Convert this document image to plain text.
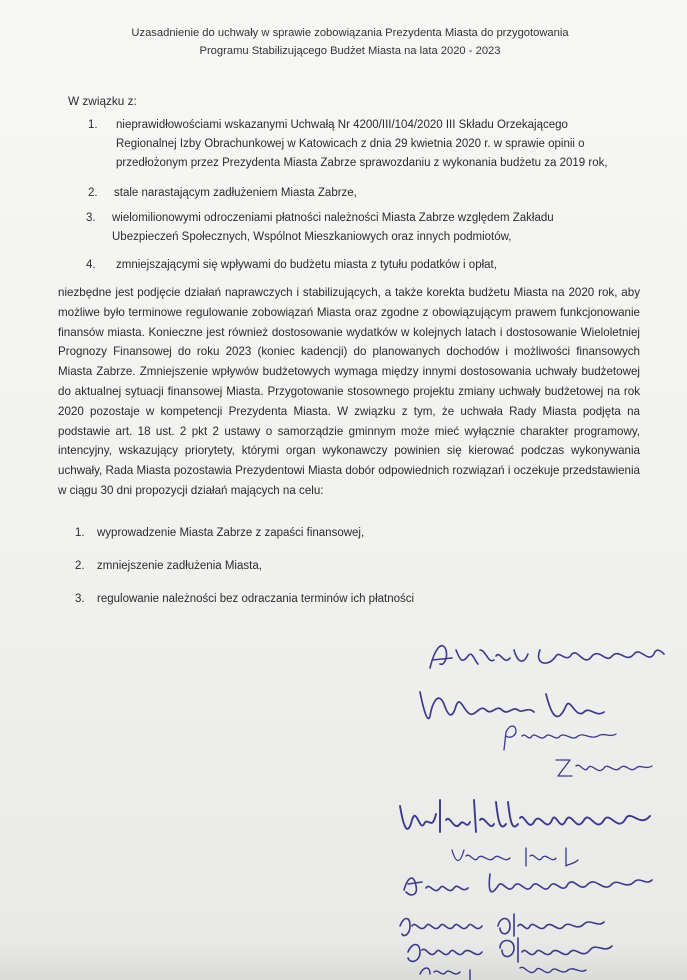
Uzasadnienie do uchwały w sprawie zobowiązania Prezydenta Miasta do przygotowania
Programu Stabilizującego Budżet Miasta na lata 2020 - 2023
W związku z:
1.	nieprawidłowościami wskazanymi Uchwałą Nr 4200/III/104/2020 III Składu Orzekającego Regionalnej Izby Obrachunkowej w Katowicach z dnia 29 kwietnia 2020 r. w sprawie opinii o przedłożonym przez Prezydenta Miasta Zabrze sprawozdaniu z wykonania budżetu za 2019 rok,
2.	stale narastającym zadłużeniem Miasta Zabrze,
3.	wielomilionowymi odroczeniami płatności należności Miasta Zabrze względem Zakładu Ubezpieczeń Społecznych, Wspólnot Mieszkaniowych oraz innych podmiotów,
4.	zmniejszającymi się wpływami do budżetu miasta z tytułu podatków i opłat,
niezbędne jest podjęcie działań naprawczych i stabilizujących, a także korekta budżetu Miasta na 2020 rok, aby możliwe było terminowe regulowanie zobowiązań Miasta oraz zgodne z obowiązującym prawem funkcjonowanie finansów miasta. Konieczne jest również dostosowanie wydatków w kolejnych latach i dostosowanie Wieloletniej Prognozy Finansowej do roku 2023 (koniec kadencji) do planowanych dochodów i możliwości finansowych Miasta Zabrze. Zmniejszenie wpływów budżetowych wymaga między innymi dostosowania uchwały budżetowej do aktualnej sytuacji finansowej Miasta. Przygotowanie stosownego projektu zmiany uchwały budżetowej na rok 2020 pozostaje w kompetencji Prezydenta Miasta. W związku z tym, że uchwała Rady Miasta podjęta na podstawie art. 18 ust. 2 pkt 2 ustawy o samorządzie gminnym może mieć wyłącznie charakter programowy, intencyjny, wskazujący priorytety, którymi organ wykonawczy powinien się kierować podczas wykonywania uchwały, Rada Miasta pozostawia Prezydentowi Miasta dobór odpowiednich rozwiązań i oczekuje przedstawienia w ciągu 30 dni propozycji działań mających na celu:
1.	wyprowadzenie Miasta Zabrze z zapaści finansowej,
2.	zmniejszenie zadłużenia Miasta,
3.	regulowanie należności bez odraczania terminów ich płatności
